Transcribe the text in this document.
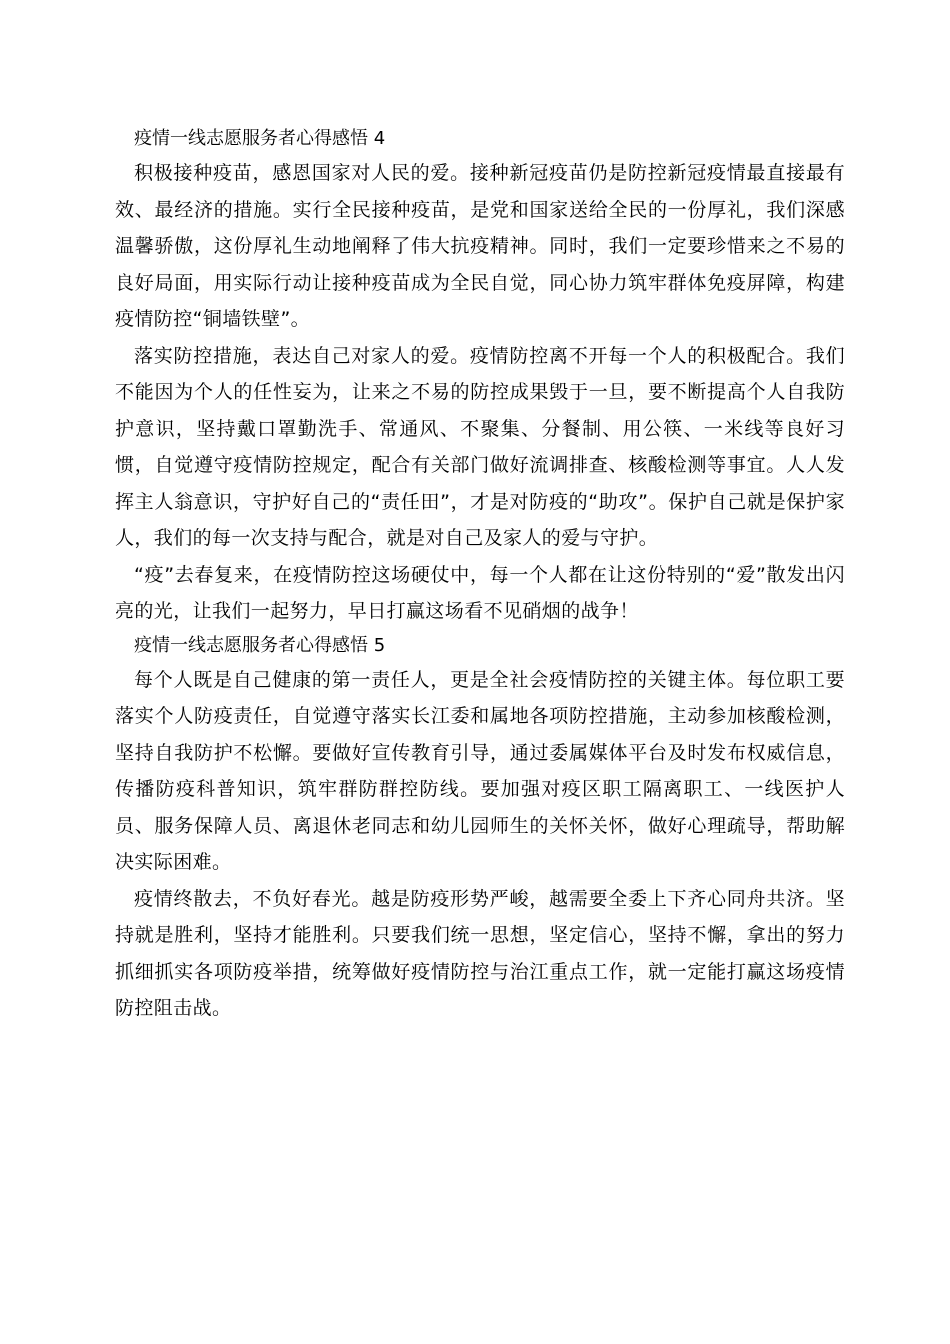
疫情一线志愿服务者心得感悟 4

积极接种疫苗，感恩国家对人民的爱。接种新冠疫苗仍是防控新冠疫情最直接最有效、最经济的措施。实行全民接种疫苗，是党和国家送给全民的一份厚礼，我们深感温馨骄傲，这份厚礼生动地阐释了伟大抗疫精神。同时，我们一定要珍惜来之不易的良好局面，用实际行动让接种疫苗成为全民自觉，同心协力筑牢群体免疫屏障，构建疫情防控“铜墙铁壁”。

落实防控措施，表达自己对家人的爱。疫情防控离不开每一个人的积极配合。我们不能因为个人的任性妄为，让来之不易的防控成果毁于一旦，要不断提高个人自我防护意识，坚持戴口罩勤洗手、常通风、不聚集、分餐制、用公筷、一米线等良好习惯，自觉遵守疫情防控规定，配合有关部门做好流调排查、核酸检测等事宜。人人发挥主人翁意识，守护好自己的“责任田”，才是对防疫的“助攻”。保护自己就是保护家人，我们的每一次支持与配合，就是对自己及家人的爱与守护。

“疫”去春复来，在疫情防控这场硬仗中，每一个人都在让这份特别的“爱”散发出闪亮的光，让我们一起努力，早日打赢这场看不见硝烟的战争！

疫情一线志愿服务者心得感悟 5

每个人既是自己健康的第一责任人，更是全社会疫情防控的关键主体。每位职工要落实个人防疫责任，自觉遵守落实长江委和属地各项防控措施，主动参加核酸检测，坚持自我防护不松懈。要做好宣传教育引导，通过委属媒体平台及时发布权威信息，传播防疫科普知识，筑牢群防群控防线。要加强对疫区职工隔离职工、一线医护人员、服务保障人员、离退休老同志和幼儿园师生的关怀关怀，做好心理疏导，帮助解决实际困难。

疫情终散去，不负好春光。越是防疫形势严峻，越需要全委上下齐心同舟共济。坚持就是胜利，坚持才能胜利。只要我们统一思想，坚定信心，坚持不懈，拿出的努力抓细抓实各项防疫举措，统筹做好疫情防控与治江重点工作，就一定能打赢这场疫情防控阻击战。
